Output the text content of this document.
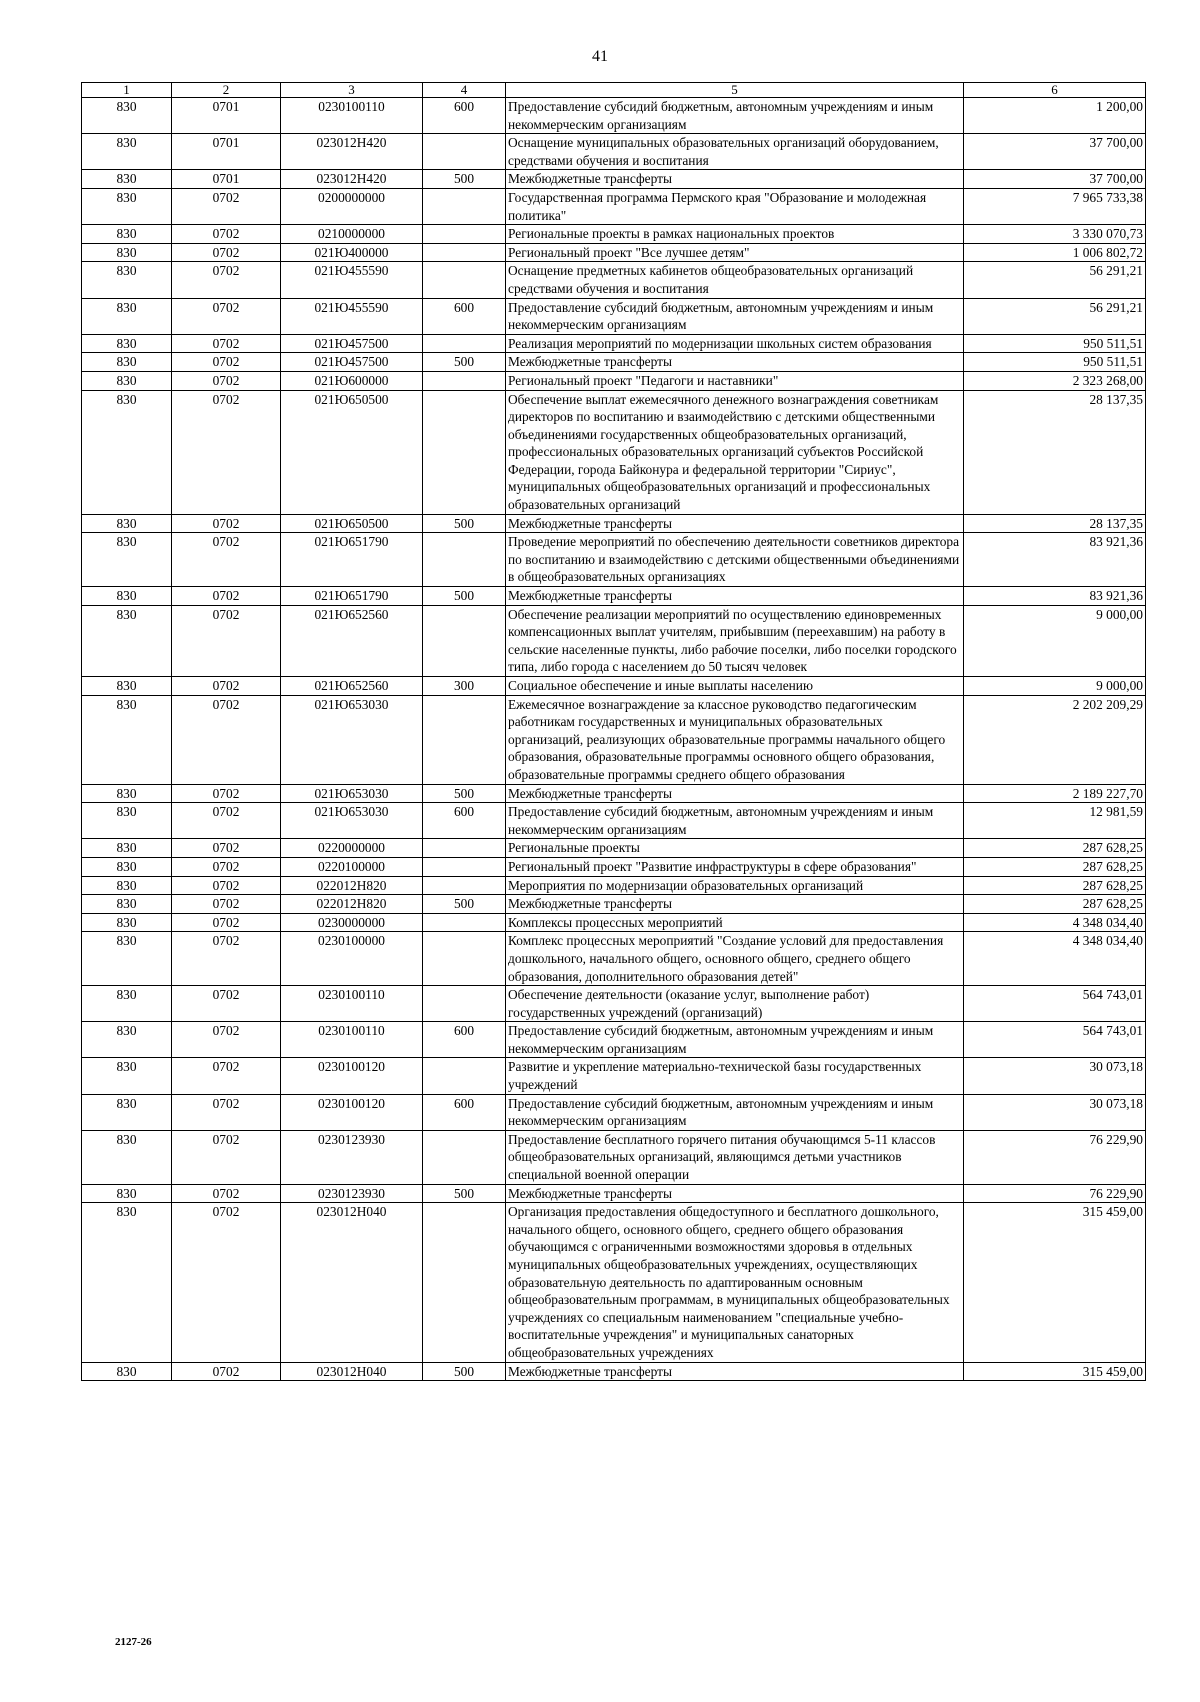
41
1	2	3	4	5	6
830	0701	0230100110	600	Предоставление субсидий бюджетным, автономным учреждениям и иным некоммерческим организациям	1 200,00
830	0701	023012Н420		Оснащение муниципальных образовательных организаций оборудованием, средствами обучения и воспитания	37 700,00
830	0701	023012Н420	500	Межбюджетные трансферты	37 700,00
830	0702	0200000000		Государственная программа Пермского края "Образование и молодежная политика"	7 965 733,38
830	0702	0210000000		Региональные проекты в рамках национальных проектов	3 330 070,73
830	0702	021Ю400000		Региональный проект "Все лучшее детям"	1 006 802,72
830	0702	021Ю455590		Оснащение предметных кабинетов общеобразовательных организаций средствами обучения и воспитания	56 291,21
830	0702	021Ю455590	600	Предоставление субсидий бюджетным, автономным учреждениям и иным некоммерческим организациям	56 291,21
830	0702	021Ю457500		Реализация мероприятий по модернизации школьных систем образования	950 511,51
830	0702	021Ю457500	500	Межбюджетные трансферты	950 511,51
830	0702	021Ю600000		Региональный проект "Педагоги и наставники"	2 323 268,00
830	0702	021Ю650500		Обеспечение выплат ежемесячного денежного вознаграждения советникам директоров по воспитанию и взаимодействию с детскими общественными объединениями государственных общеобразовательных организаций, профессиональных образовательных организаций субъектов Российской Федерации, города Байконура и федеральной территории "Сириус", муниципальных общеобразовательных организаций и профессиональных образовательных организаций	28 137,35
830	0702	021Ю650500	500	Межбюджетные трансферты	28 137,35
830	0702	021Ю651790		Проведение мероприятий по обеспечению деятельности советников директора по воспитанию и взаимодействию с детскими общественными объединениями в общеобразовательных организациях	83 921,36
830	0702	021Ю651790	500	Межбюджетные трансферты	83 921,36
830	0702	021Ю652560		Обеспечение реализации мероприятий по осуществлению единовременных компенсационных выплат учителям, прибывшим (переехавшим) на работу в сельские населенные пункты, либо рабочие поселки, либо поселки городского типа, либо города с населением до 50 тысяч человек	9 000,00
830	0702	021Ю652560	300	Социальное обеспечение и иные выплаты населению	9 000,00
830	0702	021Ю653030		Ежемесячное вознаграждение за классное руководство педагогическим работникам государственных и муниципальных образовательных организаций, реализующих образовательные программы начального общего образования, образовательные программы основного общего образования, образовательные программы среднего общего образования	2 202 209,29
830	0702	021Ю653030	500	Межбюджетные трансферты	2 189 227,70
830	0702	021Ю653030	600	Предоставление субсидий бюджетным, автономным учреждениям и иным некоммерческим организациям	12 981,59
830	0702	0220000000		Региональные проекты	287 628,25
830	0702	0220100000		Региональный проект "Развитие инфраструктуры в сфере образования"	287 628,25
830	0702	022012Н820		Мероприятия по модернизации образовательных организаций	287 628,25
830	0702	022012Н820	500	Межбюджетные трансферты	287 628,25
830	0702	0230000000		Комплексы процессных мероприятий	4 348 034,40
830	0702	0230100000		Комплекс процессных мероприятий "Создание условий для предоставления дошкольного, начального общего, основного общего, среднего общего образования, дополнительного образования детей"	4 348 034,40
830	0702	0230100110		Обеспечение деятельности (оказание услуг, выполнение работ) государственных учреждений (организаций)	564 743,01
830	0702	0230100110	600	Предоставление субсидий бюджетным, автономным учреждениям и иным некоммерческим организациям	564 743,01
830	0702	0230100120		Развитие и укрепление материально-технической базы государственных учреждений	30 073,18
830	0702	0230100120	600	Предоставление субсидий бюджетным, автономным учреждениям и иным некоммерческим организациям	30 073,18
830	0702	0230123930		Предоставление бесплатного горячего питания обучающимся 5-11 классов общеобразовательных организаций, являющимся детьми участников специальной военной операции	76 229,90
830	0702	0230123930	500	Межбюджетные трансферты	76 229,90
830	0702	023012Н040		Организация предоставления общедоступного и бесплатного дошкольного, начального общего, основного общего, среднего общего образования обучающимся с ограниченными возможностями здоровья в отдельных муниципальных общеобразовательных учреждениях, осуществляющих образовательную деятельность по адаптированным основным общеобразовательным программам, в муниципальных общеобразовательных учреждениях со специальным наименованием "специальные учебно-воспитательные учреждения" и муниципальных санаторных общеобразовательных учреждениях	315 459,00
830	0702	023012Н040	500	Межбюджетные трансферты	315 459,00
2127-26
